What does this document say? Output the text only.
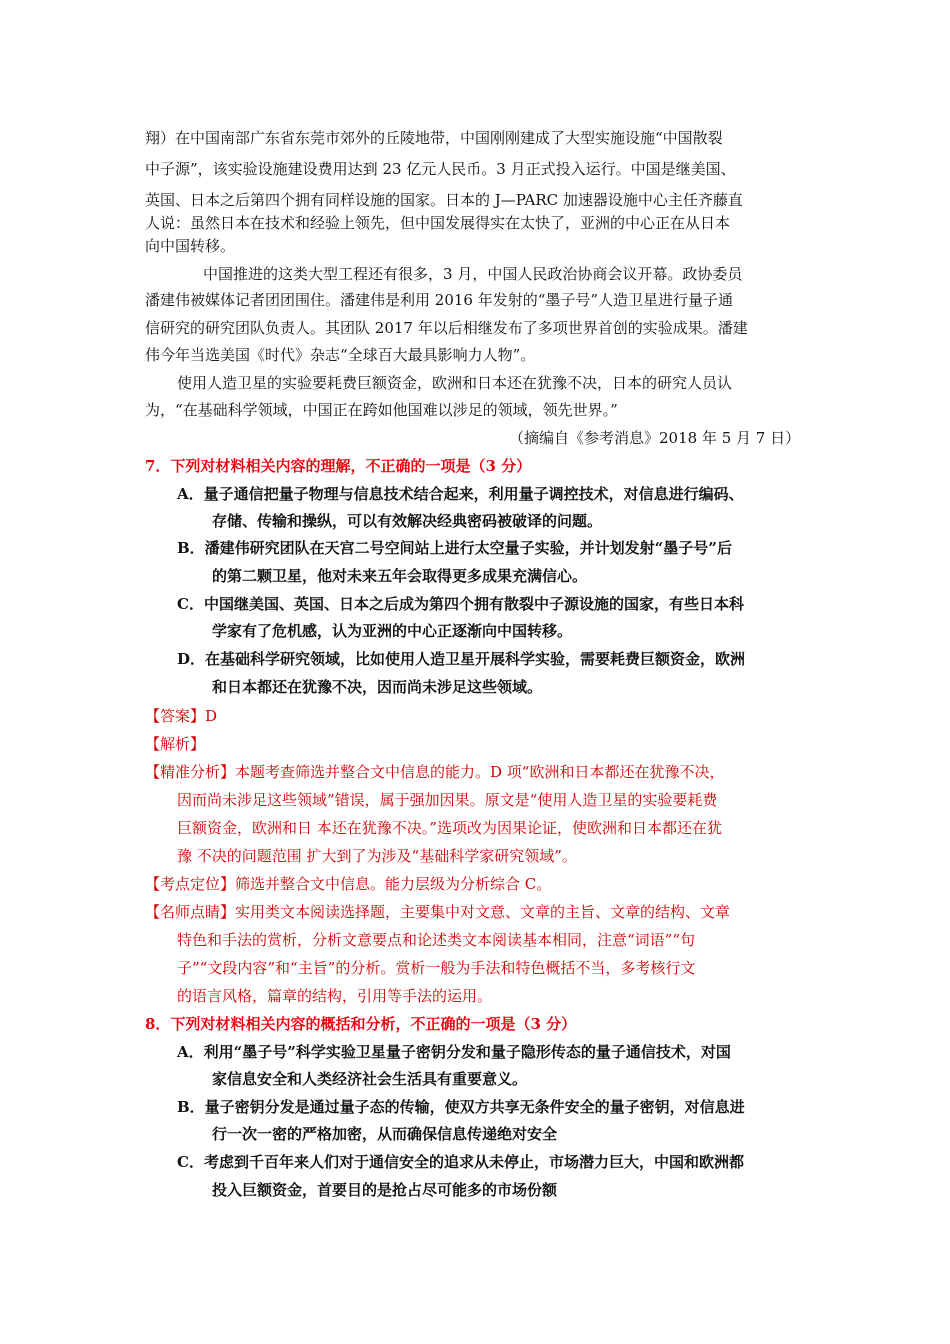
翔）在中国南部广东省东莞市郊外的丘陵地带，中国刚刚建成了大型实施设施“中国散裂
中子源”，该实验设施建设费用达到 23 亿元人民币。3 月正式投入运行。中国是继美国、
英国、日本之后第四个拥有同样设施的国家。日本的 J—PARC 加速器设施中心主任齐藤直
人说：虽然日本在技术和经验上领先，但中国发展得实在太快了，亚洲的中心正在从日本
向中国转移。
中国推进的这类大型工程还有很多，3 月，中国人民政治协商会议开幕。政协委员
潘建伟被媒体记者团团围住。潘建伟是利用 2016 年发射的“墨子号”人造卫星进行量子通
信研究的研究团队负责人。其团队 2017 年以后相继发布了多项世界首创的实验成果。潘建
伟今年当选美国《时代》杂志“全球百大最具影响力人物”。
使用人造卫星的实验要耗费巨额资金，欧洲和日本还在犹豫不决，日本的研究人员认
为，“在基础科学领域，中国正在跨如他国难以涉足的领域，领先世界。”
（摘编自《参考消息》2018 年 5 月 7 日）
7．下列对材料相关内容的理解，不正确的一项是（3 分）
A．量子通信把量子物理与信息技术结合起来，利用量子调控技术，对信息进行编码、
存储、传输和操纵，可以有效解决经典密码被破译的问题。
B．潘建伟研究团队在天宫二号空间站上进行太空量子实验，并计划发射“墨子号”后
的第二颗卫星，他对未来五年会取得更多成果充满信心。
C．中国继美国、英国、日本之后成为第四个拥有散裂中子源设施的国家，有些日本科
学家有了危机感，认为亚洲的中心正逐渐向中国转移。
D．在基础科学研究领域，比如使用人造卫星开展科学实验，需要耗费巨额资金，欧洲
和日本都还在犹豫不决，因而尚未涉足这些领域。
【答案】D
【解析】
【精准分析】本题考查筛选并整合文中信息的能力。D 项“欧洲和日本都还在犹豫不决，
因而尚未涉足这些领域”错误，属于强加因果。原文是“使用人造卫星的实验要耗费
巨额资金，欧洲和日 本还在犹豫不决。”选项改为因果论证，使欧洲和日本都还在犹
豫 不决的问题范围 扩大到了为涉及“基础科学家研究领域”。
【考点定位】筛选并整合文中信息。能力层级为分析综合 C。
【名师点睛】实用类文本阅读选择题，主要集中对文意、文章的主旨、文章的结构、文章
特色和手法的赏析，分析文意要点和论述类文本阅读基本相同，注意“词语”“句
子”“文段内容”和“主旨”的分析。赏析一般为手法和特色概括不当，多考核行文
的语言风格，篇章的结构，引用等手法的运用。
8．下列对材料相关内容的概括和分析，不正确的一项是（3 分）
A．利用“墨子号”科学实验卫星量子密钥分发和量子隐形传态的量子通信技术，对国
家信息安全和人类经济社会生活具有重要意义。
B．量子密钥分发是通过量子态的传输，使双方共享无条件安全的量子密钥，对信息进
行一次一密的严格加密，从而确保信息传递绝对安全
C．考虑到千百年来人们对于通信安全的追求从未停止，市场潜力巨大，中国和欧洲都
投入巨额资金，首要目的是抢占尽可能多的市场份额
